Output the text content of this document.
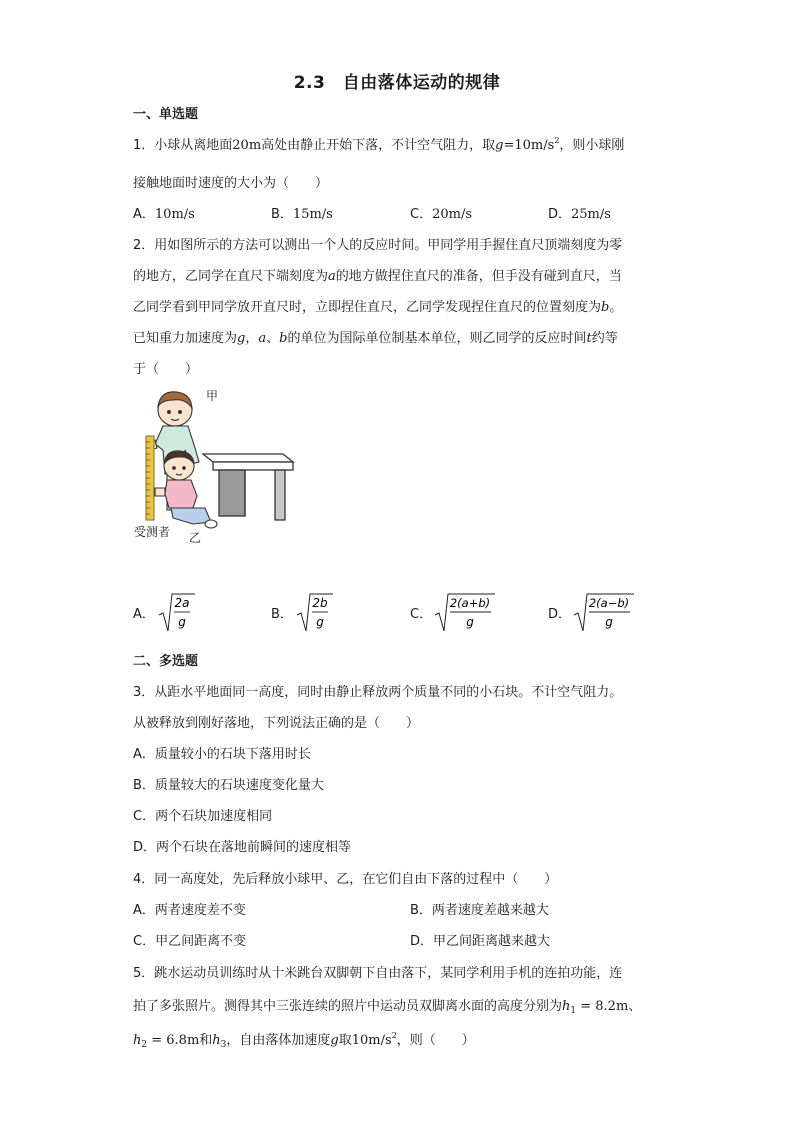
2.3　自由落体运动的规律
一、单选题
1．小球从离地面20m高处由静止开始下落，不计空气阻力，取$g=10m/s^2$，则小球刚
接触地面时速度的大小为（　　）
A．10m/s	B．15m/s	C．20m/s	D．25m/s
2．用如图所示的方法可以测出一个人的反应时间。甲同学用手握住直尺顶端刻度为零
的地方，乙同学在直尺下端刻度为a的地方做捏住直尺的准备，但手没有碰到直尺，当
乙同学看到甲同学放开直尺时，立即捏住直尺，乙同学发现捏住直尺的位置刻度为b。
已知重力加速度为g，a、b的单位为国际单位制基本单位，则乙同学的反应时间t约等
于（　　）
甲
受测者 乙
A．
2a
g	B．
2b
g	C．
2(a+b)
g	D．
2(a−b)
g
二、多选题
3．从距水平地面同一高度，同时由静止释放两个质量不同的小石块。不计空气阻力。
从被释放到刚好落地，下列说法正确的是（　　）
A．质量较小的石块下落用时长
B．质量较大的石块速度变化量大
C．两个石块加速度相同
D．两个石块在落地前瞬间的速度相等
4．同一高度处，先后释放小球甲、乙，在它们自由下落的过程中（　　）
A．两者速度差不变	B．两者速度差越来越大
C．甲乙间距离不变	D．甲乙间距离越来越大
5．跳水运动员训练时从十米跳台双脚朝下自由落下，某同学利用手机的连拍功能，连
拍了多张照片。测得其中三张连续的照片中运动员双脚离水面的高度分别为$h_1 = 8.2m$、
$h_2 = 6.8m$和$h_3$，自由落体加速度g取$10m/s^2$，则（　　）
